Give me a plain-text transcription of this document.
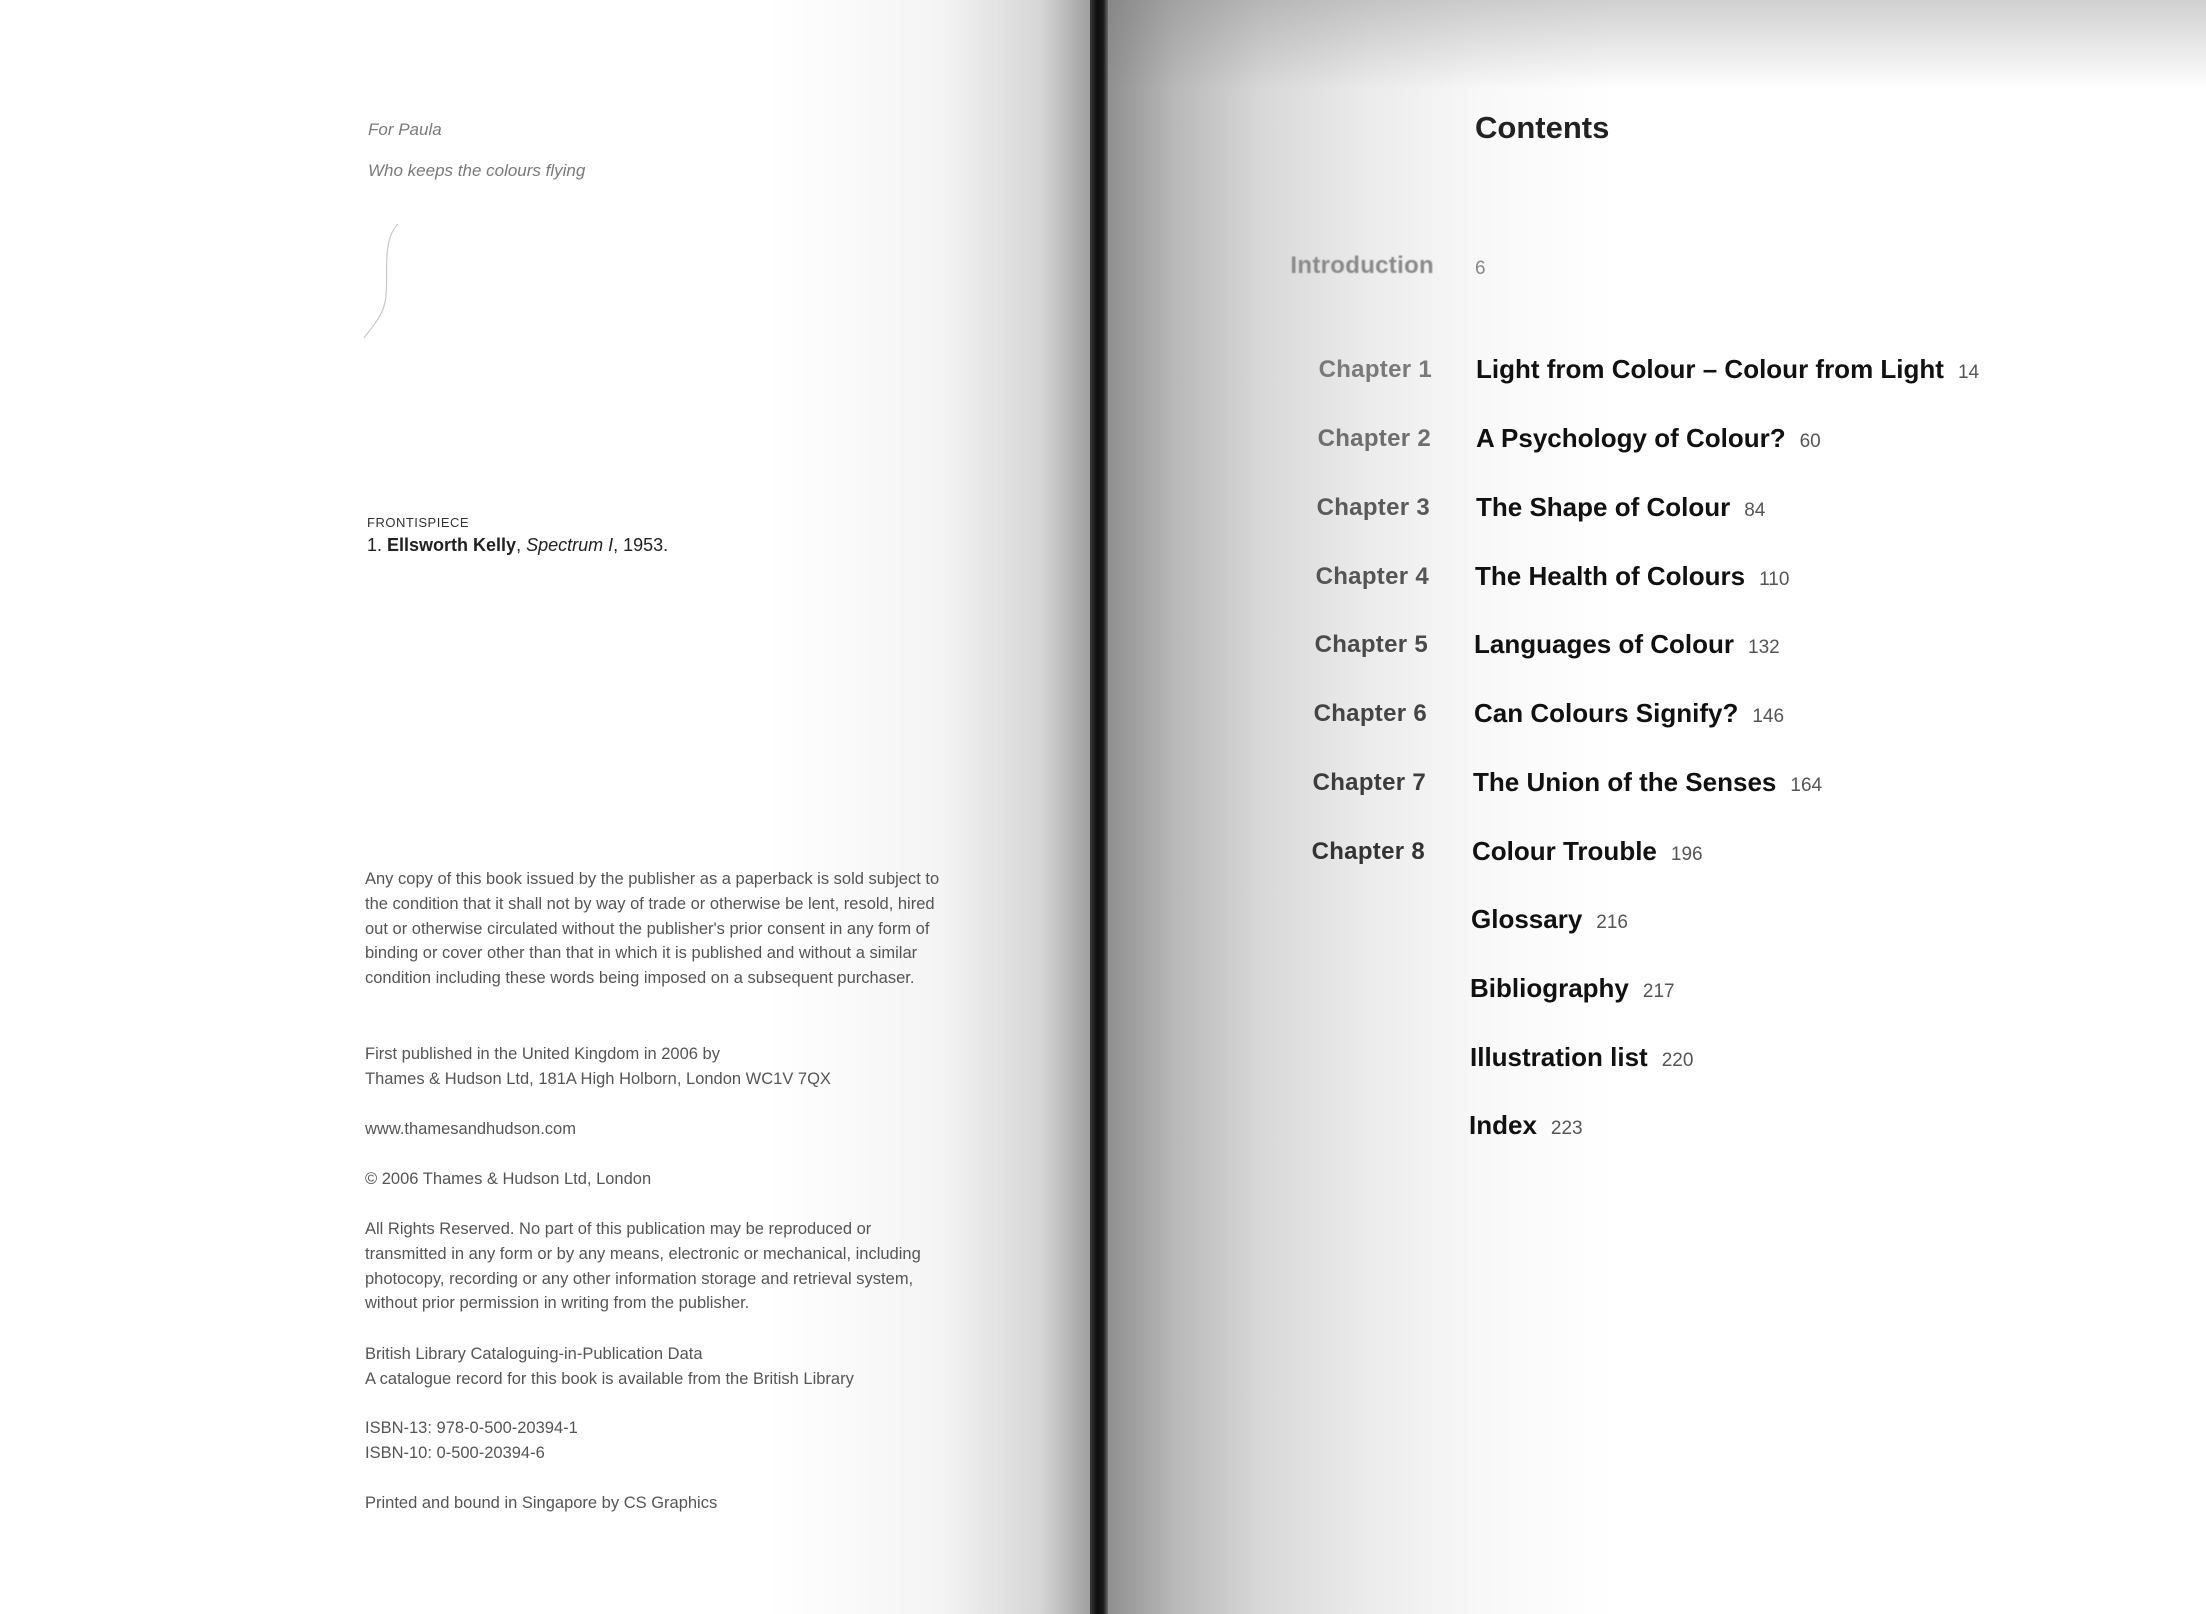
For Paula

Who keeps the colours flying

FRONTISPIECE
1. Ellsworth Kelly, Spectrum I, 1953.

Any copy of this book issued by the publisher as a paperback is sold subject to the condition that it shall not by way of trade or otherwise be lent, resold, hired out or otherwise circulated without the publisher's prior consent in any form of binding or cover other than that in which it is published and without a similar condition including these words being imposed on a subsequent purchaser.

First published in the United Kingdom in 2006 by

Thames & Hudson Ltd, 181A High Holborn, London WC1V 7QX

www.thamesandhudson.com

© 2006 Thames & Hudson Ltd, London

All Rights Reserved. No part of this publication may be reproduced or transmitted in any form or by any means, electronic or mechanical, including photocopy, recording or any other information storage and retrieval system, without prior permission in writing from the publisher.

British Library Cataloguing-in-Publication Data

A catalogue record for this book is available from the British Library

ISBN-13: 978-0-500-20394-1

ISBN-10: 0-500-20394-6

Printed and bound in Singapore by CS Graphics

Contents
Introduction 6
Chapter 1 Light from Colour – Colour from Light 14
Chapter 2 A Psychology of Colour? 60
Chapter 3 The Shape of Colour 84
Chapter 4 The Health of Colours 110
Chapter 5 Languages of Colour 132
Chapter 6 Can Colours Signify? 146
Chapter 7 The Union of the Senses 164
Chapter 8 Colour Trouble 196
Glossary 216
Bibliography 217
Illustration list 220
Index 223
